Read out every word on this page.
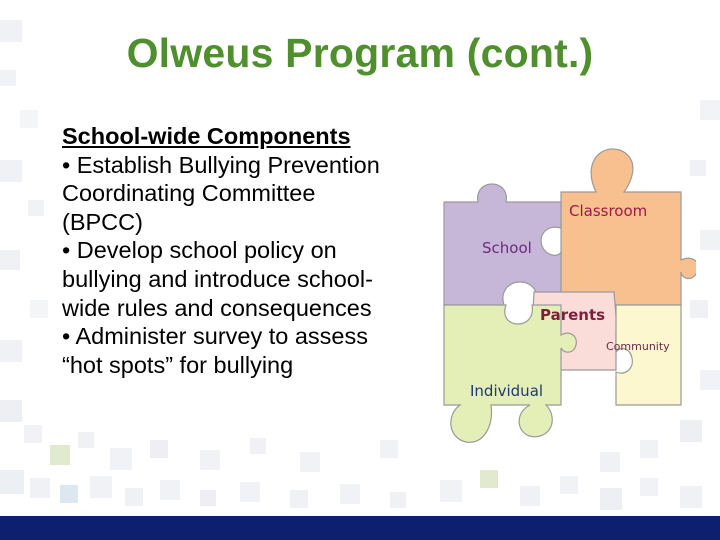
Olweus Program (cont.)
School-wide Components
• Establish Bullying Prevention
Coordinating Committee
(BPCC)
• Develop school policy on
bullying and introduce school-
wide rules and consequences
• Administer survey to assess
“hot spots” for bullying
Classroom
School
Parents
Community
Individual
